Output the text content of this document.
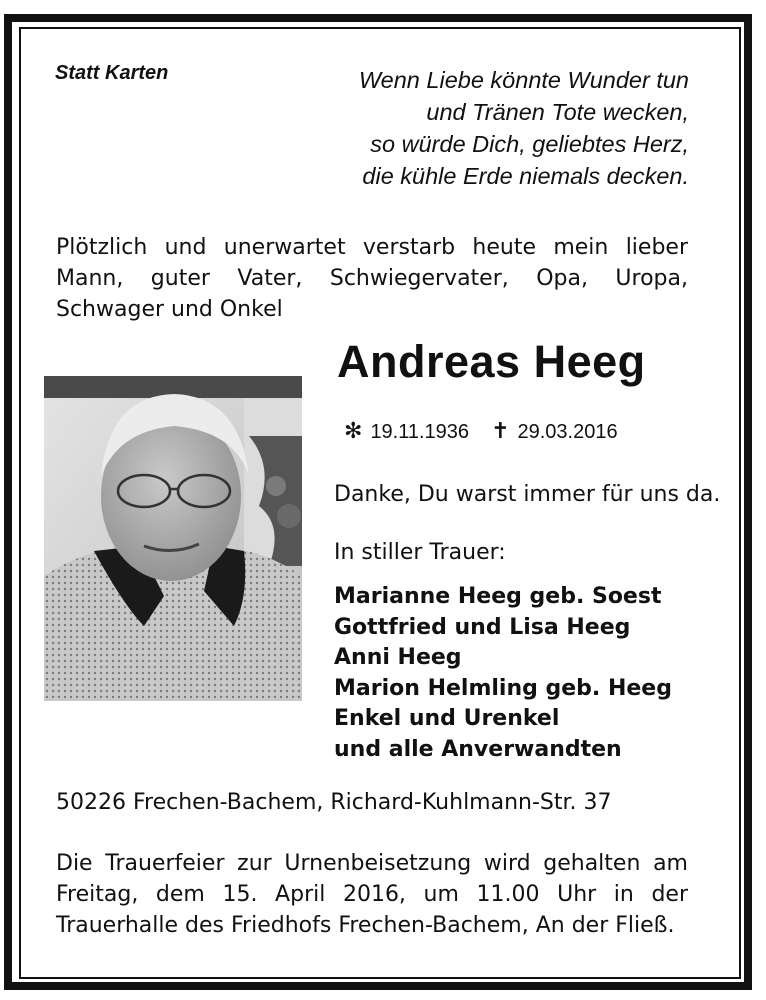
Statt Karten	Wenn Liebe könnte Wunder tun
und Tränen Tote wecken,
so würde Dich, geliebtes Herz,
die kühle Erde niemals decken.
Plötzlich und unerwartet verstarb heute mein lieber
Mann, guter Vater, Schwiegervater, Opa, Uropa,
Schwager und Onkel
Andreas Heeg
✻ 19.11.1936 ✝ 29.03.2016
Danke, Du warst immer für uns da.
In stiller Trauer:
Marianne Heeg geb. Soest
Gottfried und Lisa Heeg
Anni Heeg
Marion Helmling geb. Heeg
Enkel und Urenkel
und alle Anverwandten
50226 Frechen-Bachem, Richard-Kuhlmann-Str. 37
Die Trauerfeier zur Urnenbeisetzung wird gehalten am
Freitag, dem 15. April 2016, um 11.00 Uhr in der
Trauerhalle des Friedhofs Frechen-Bachem, An der Fließ.
